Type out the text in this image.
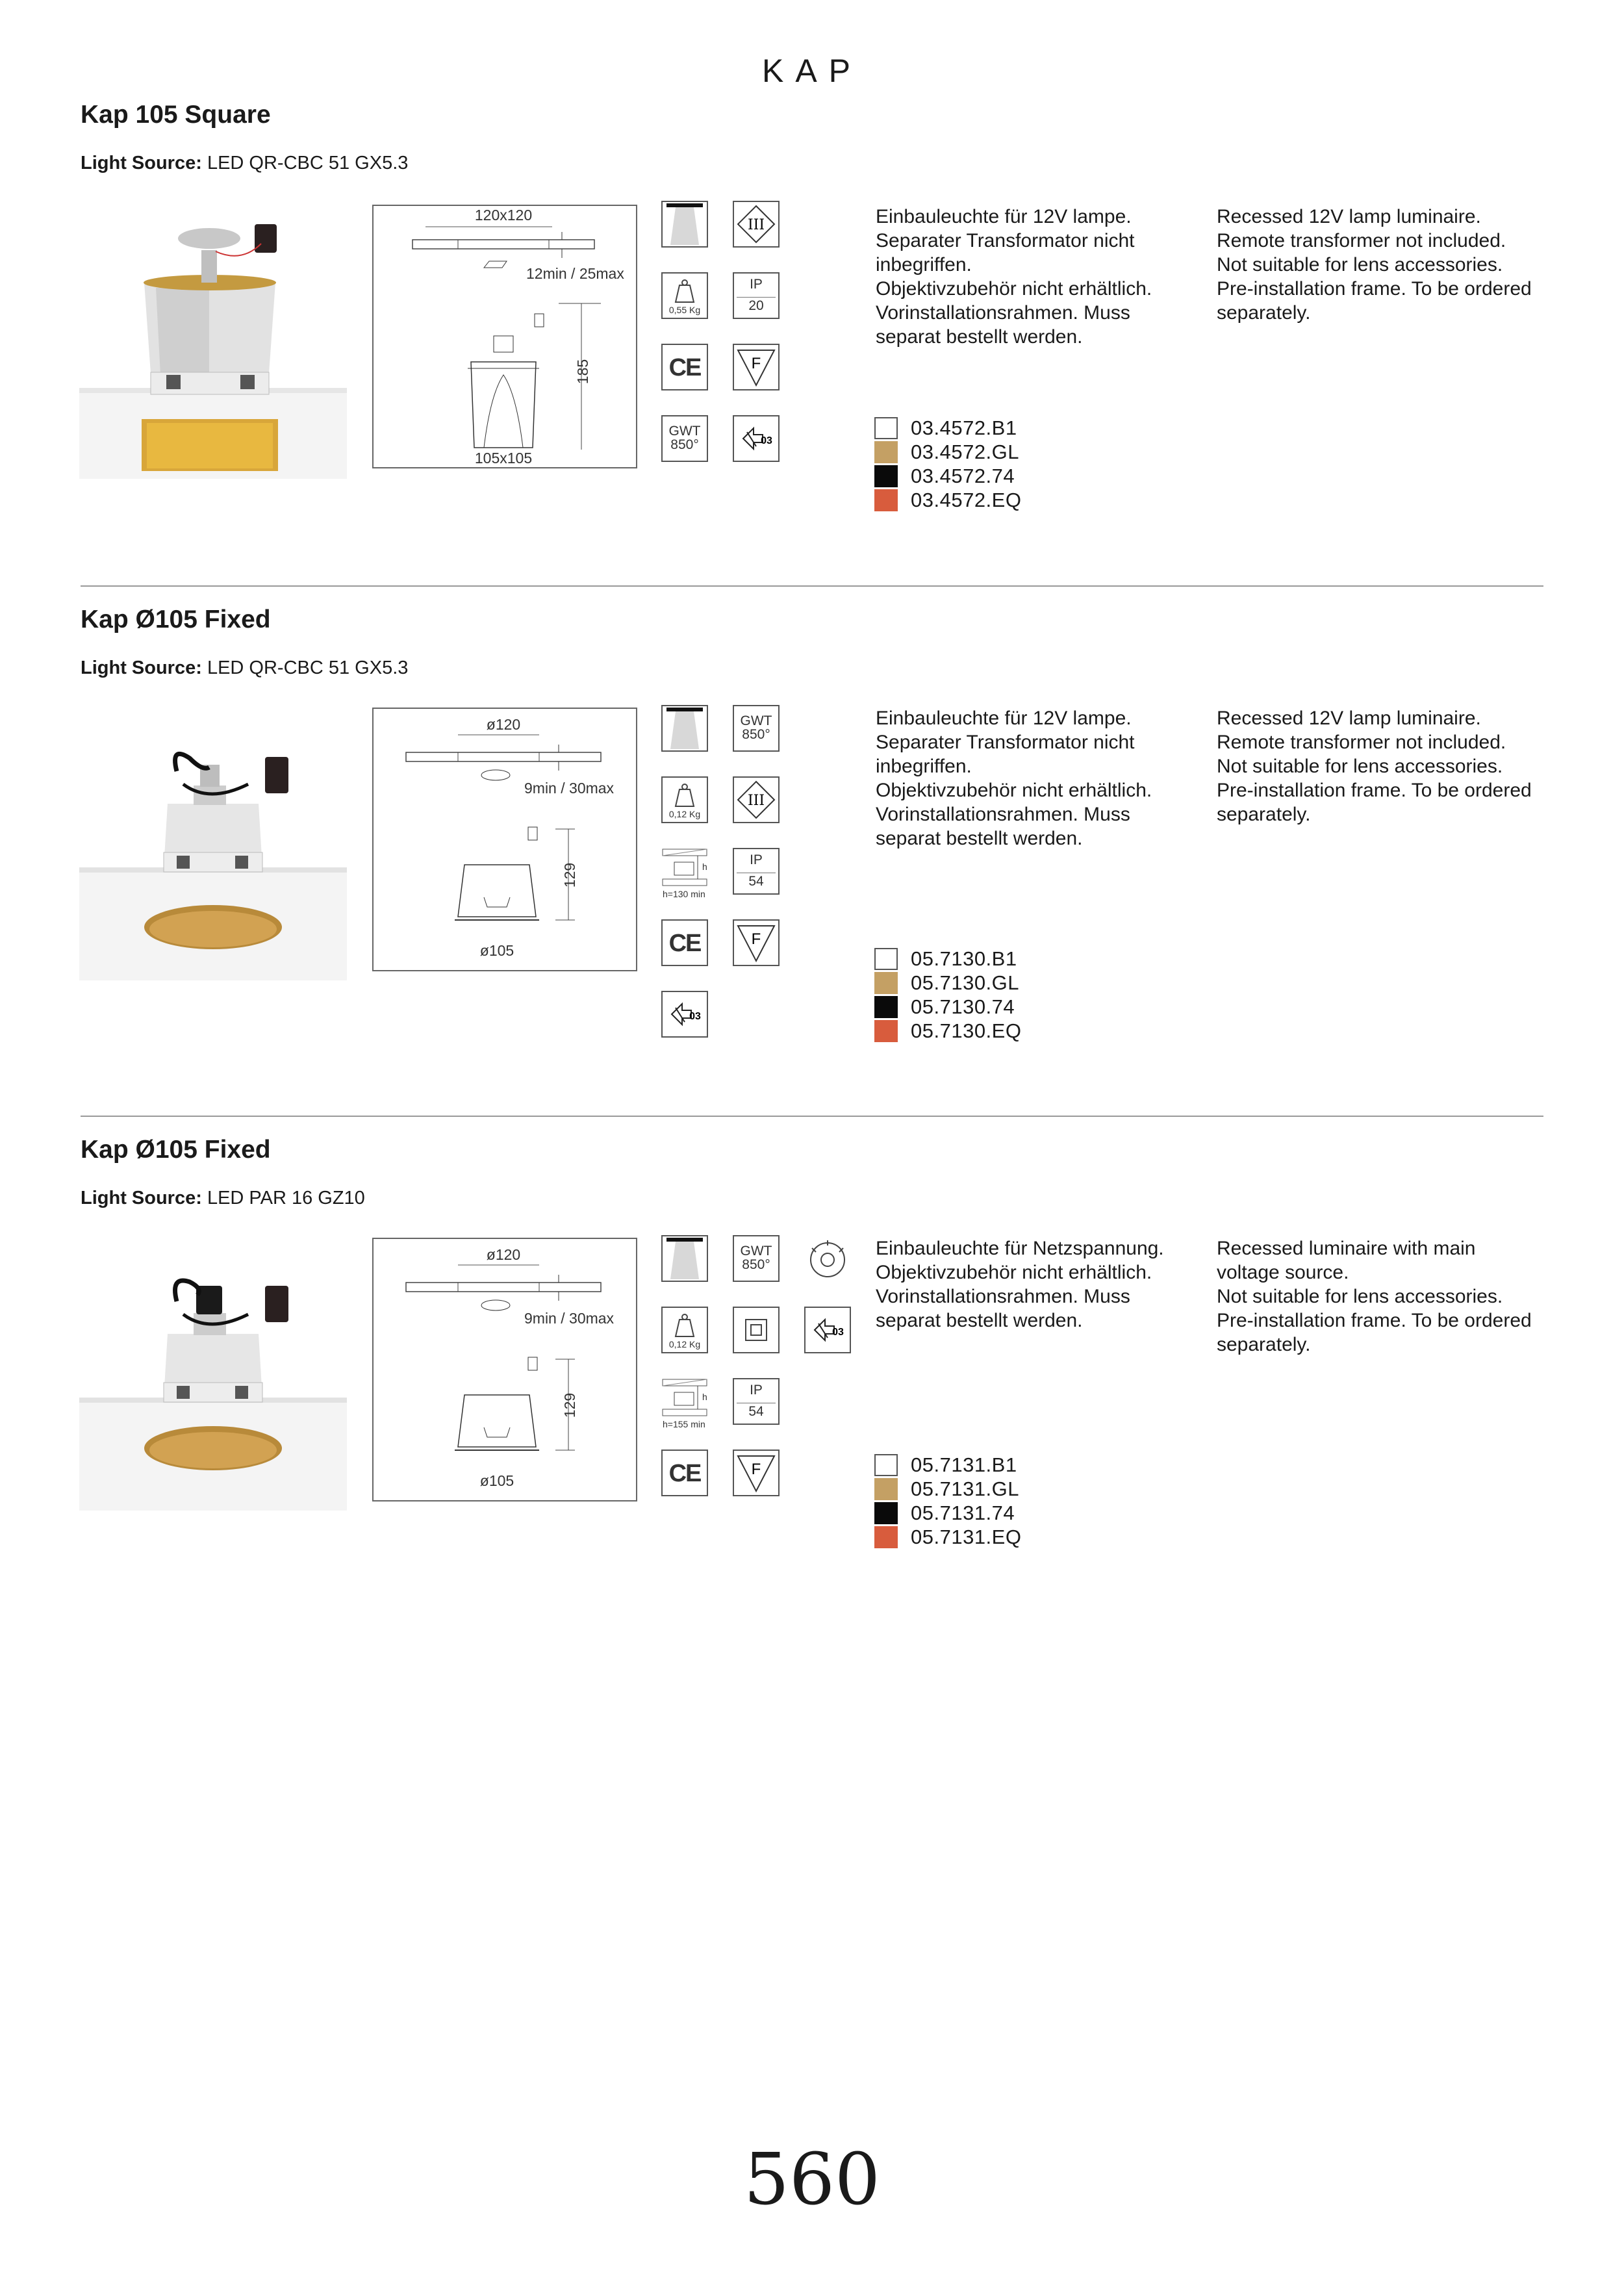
KAP
Kap 105 Square
Light Source: LED QR-CBC 51 GX5.3
120x120
12min / 25max
185
105x105
III
0,55 Kg
IP
20
CE	F
GWT
850°	03

Einbauleuchte für 12V lampe.

Separater Transformator nicht inbegriffen.

Objektivzubehör nicht erhältlich.

Vorinstallationsrahmen. Muss separat bestellt werden.

Recessed 12V lamp luminaire.

Remote transformer not included.

Not suitable for lens accessories.

Pre-installation frame. To be ordered separately.

03.4572.B1
03.4572.GL
03.4572.74
03.4572.EQ
Kap Ø105 Fixed
Light Source: LED QR-CBC 51 GX5.3
ø120
9min / 30max
129
ø105
GWT
850°
0,12 Kg
III
h
h=130 min
IP
54
CE	F
03

Einbauleuchte für 12V lampe.

Separater Transformator nicht inbegriffen.

Objektivzubehör nicht erhältlich.

Vorinstallationsrahmen. Muss separat bestellt werden.

Recessed 12V lamp luminaire.

Remote transformer not included.

Not suitable for lens accessories.

Pre-installation frame. To be ordered separately.

05.7130.B1
05.7130.GL
05.7130.74
05.7130.EQ
Kap Ø105 Fixed
Light Source: LED PAR 16 GZ10
ø120
9min / 30max
129
ø105
GWT
850°
0,12 Kg
03
h
h=155 min
IP
54
CE	F

Einbauleuchte für Netzspannung.

Objektivzubehör nicht erhältlich.

Vorinstallationsrahmen. Muss separat bestellt werden.

Recessed luminaire with main voltage source.

Not suitable for lens accessories.

Pre-installation frame. To be ordered separately.

05.7131.B1
05.7131.GL
05.7131.74
05.7131.EQ
560
